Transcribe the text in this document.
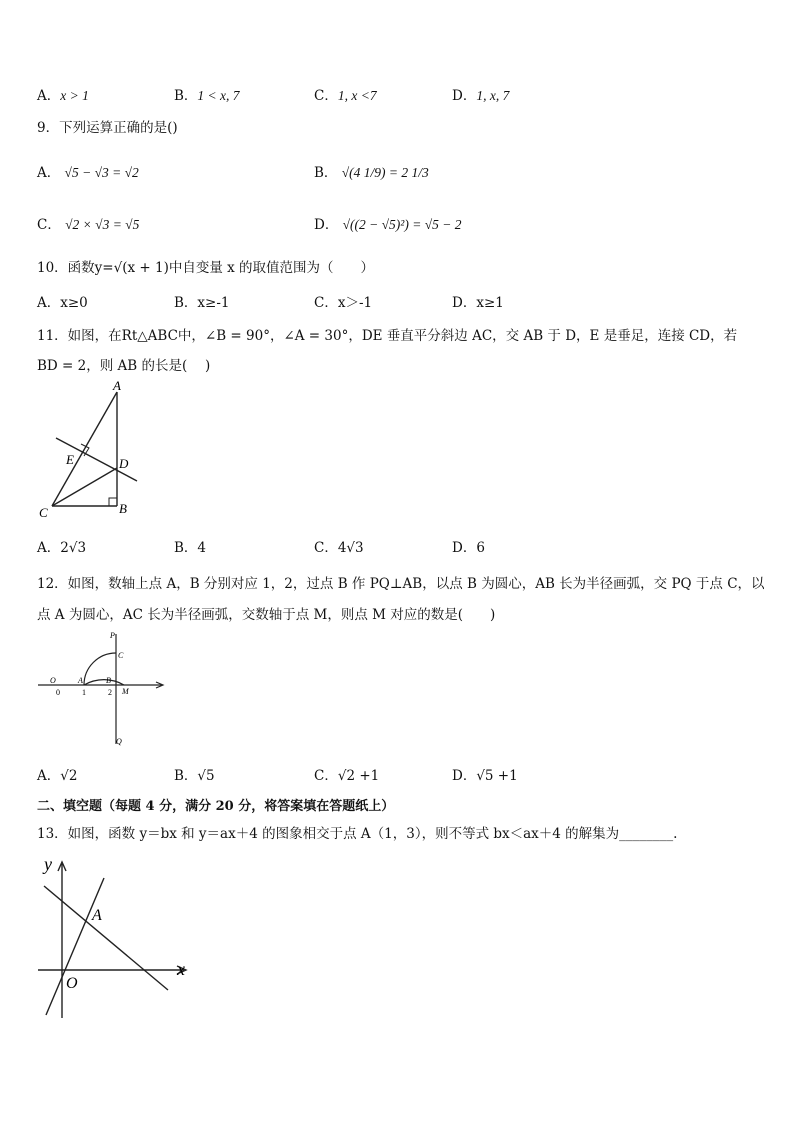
A．x > 1	B．1 < x, 7	C．1, x <7	D．1, x, 7
9．下列运算正确的是()
A． √5 − √3 = √2	B． √(4 1/9) = 2 1/3
C． √2 × √3 = √5	D． √((2 − √5)²) = √5 − 2
10．函数y=√(x + 1)中自变量 x 的取值范围为（　　）
A．x≥0	B．x≥-1	C．x＞-1	D．x≥1
11．如图，在Rt△ABC中，∠B = 90°，∠A = 30°，DE 垂直平分斜边 AC，交 AB 于 D，E 是垂足，连接 CD，若
BD = 2，则 AB 的长是(　 )
A
E	D
C	B
A．2√3	B．4	C．4√3	D．6
12．如图，数轴上点 A，B 分别对应 1，2，过点 B 作 PQ⊥AB，以点 B 为圆心，AB 长为半径画弧，交 PQ 于点 C，以
点 A 为圆心，AC 长为半径画弧，交数轴于点 M，则点 M 对应的数是(　　)
P
C
O	A	B
M
0	1	2
Q
A．√2	B．√5	C．√2 +1	D．√5 +1
二、填空题（每题 4 分，满分 20 分，将答案填在答题纸上）
13．如图，函数 y＝bx 和 y＝ax＋4 的图象相交于点 A（1，3），则不等式 bx＜ax＋4 的解集为________.
y
x
A
O
